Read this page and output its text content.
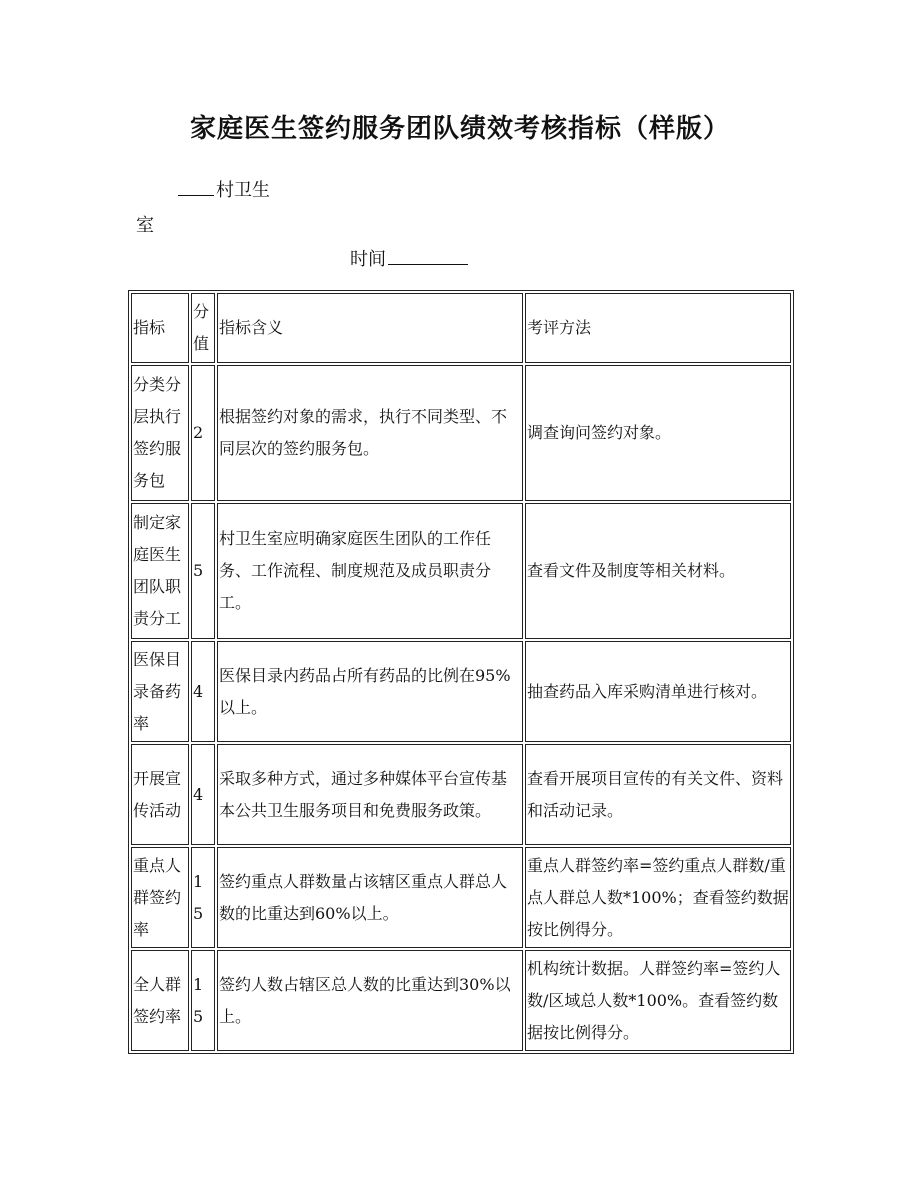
家庭医生签约服务团队绩效考核指标（样版）
村卫生
室
时间
指标	分值	指标含义	考评方法
分类分层执行签约服务包	2	根据签约对象的需求，执行不同类型、不同层次的签约服务包。	调查询问签约对象。
制定家庭医生团队职责分工	5	村卫生室应明确家庭医生团队的工作任务、工作流程、制度规范及成员职责分工。	查看文件及制度等相关材料。
医保目录备药率	4	医保目录内药品占所有药品的比例在95%以上。	抽查药品入库采购清单进行核对。
开展宣传活动	4	采取多种方式，通过多种媒体平台宣传基本公共卫生服务项目和免费服务政策。	查看开展项目宣传的有关文件、资料和活动记录。
重点人群签约率	15	签约重点人群数量占该辖区重点人群总人数的比重达到60%以上。	重点人群签约率=签约重点人群数/重点人群总人数*100%；查看签约数据按比例得分。
全人群签约率	15	签约人数占辖区总人数的比重达到30%以上。	机构统计数据。人群签约率=签约人数/区域总人数*100%。查看签约数据按比例得分。
